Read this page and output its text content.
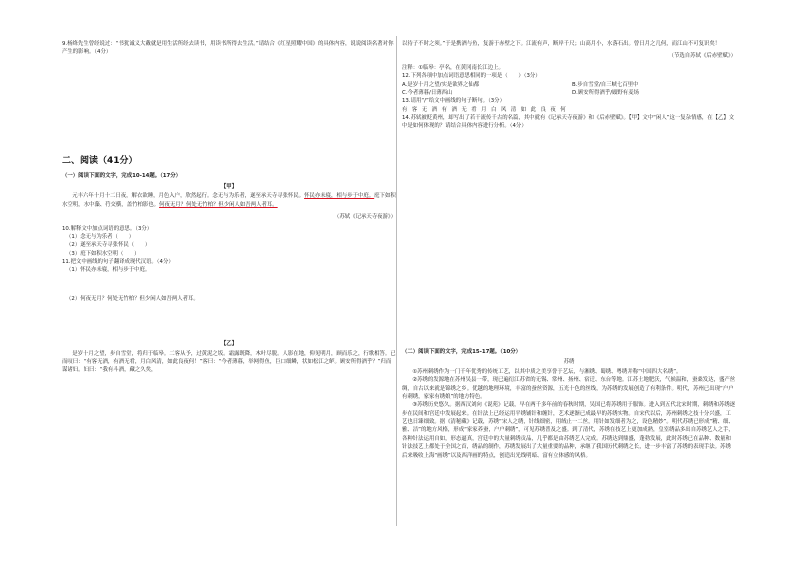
9.杨绛先生曾经说过：“书犹诚义大戴就是用生活所经去读书，用读书所得去生活。”请结合《红星照耀中国》的具体内容，说说阅读名著对你产生的影响。（4分）

二、阅读（41分）

（一）阅读下面的文字，完成10-14题。（17分）

【甲】

元丰六年十月十二日夜，解衣欲睡，月色入户，欣然起行。念无与为乐者，遂至承天寺寻张怀民。怀民亦未寝，相与步于中庭。庭下如积水空明，水中藻、荇交横，盖竹柏影也。何夜无月？何处无竹柏？但少闲人如吾两人者耳。

（苏轼《记承天寺夜游》）

10.解释文中加点词语的意思。（3分）

（1）念无与为乐者（　　）

（2）遂至承天寺寻张怀民（　　）

（3）庭下如积水空明（　　）

11.把文中画线的句子翻译成现代汉语。（4分）

（1）怀民亦未寝，相与步于中庭。

（2）何夜无月？何处无竹柏？但少闲人如吾两人者耳。

【乙】

是岁十月之望，步自雪堂，将归于临皋。二客从予，过黄泥之坂。霜露既降，木叶尽脱。人影在地，仰见明月，顾而乐之，行歌相答。已而叹曰：“有客无酒，有酒无肴，月白风清，如此良夜何！”客曰：“今者薄暮，举网得鱼，巨口细鳞，状如松江之鲈。顾安所得酒乎？”归而谋诸妇。妇曰：“我有斗酒，藏之久矣，

以待子不时之须。”于是携酒与鱼，复游于赤壁之下。江流有声，断岸千尺；山高月小，水落石出。曾日月之几何，而江山不可复识矣！

（节选自苏轼《后赤壁赋》）

注释：①临皋：亭名，在黄冈南长江边上。

12.下列各项中加点词语意思相同的一项是（　　）（3分）

A.是岁十月之望/实是欲界之仙都	B.步自雪堂/自三峡七百里中

C.今者薄暮/日薄西山	D.顾安所得酒乎/頋野有麦场

13.请用“/”给文中画线的句子断句。（3分）

有客无酒有酒无肴月白风清如此良夜何

14.苏轼被贬黄州，却写出了若干流传千古的名篇，其中就有《记承天寺夜游》和《后赤壁赋》。【甲】文中“闲人”这一复杂情感，在【乙】文中是如何体现的？请结合具体内容进行分析。（4分）

（二）阅读下面的文字，完成15-17题。（10分）

苏绣

①苏州刺绣作为一门千年优秀的传统工艺，以其中质之美享誉于艺坛，与湘绣、蜀绣、粤绣并称“中国四大名绣”。

②苏绣的发源地在苏州吴县一带，现已遍衍江苏省的无锡、常州、扬州、宿迁、东台等地。江苏土地肥沃，气候温和，蚕桑发达，盛产丝绸，自古以来就是锦绣之乡。优越的地理环境，丰富的蚕丝资源，五光十色的丝线，为苏绣的发展创造了有利条件。明代，苏州已出现“户户有刺绣，家家有绣娘”的地方特色。

③苏绣历史悠久。据西汉刘向《说苑》记载，早在两千多年前的春秋时期，吴国已将苏绣用于服饰。进入到五代北宋时期，刺绣和苏绣逐步在民间和宫廷中发展起来。在针法上已经运用平绣铺针和缠针，艺术逐渐已成最早的苏绣实物。自宋代以后，苏州刺绣之技十分兴盛，工艺也日臻细致。据《清秘藏》记载，苏绣“宋人之绣，针线细密，用绒止一二丝，用针如发细者为之，设色精妙”。明代苏绣已形成“精、细、雅、洁”的地方风格，形成“家家养蚕，户户刺绣”，可见苏绣普及之盛。到了清代，苏绣在技艺上更加成熟，皇室绣品多出自苏绣艺人之手，各种针法运用自如，形态逼真，宫廷中的大量刺绣贡品，几乎都是由苏绣艺人完成。苏绣达到鼎盛，蓬勃发展，此时苏绣已在品种、数量和针法技艺上都处于全国之首，绣品的制作，苏绣发展出了大量重要的品种，承继了我国历代刺绣之长，进一步丰富了苏绣的表现手法。苏绣后来吸收上海“画绣”以及西洋画的特点，创造出光线明暗、富有立体感的风格。
